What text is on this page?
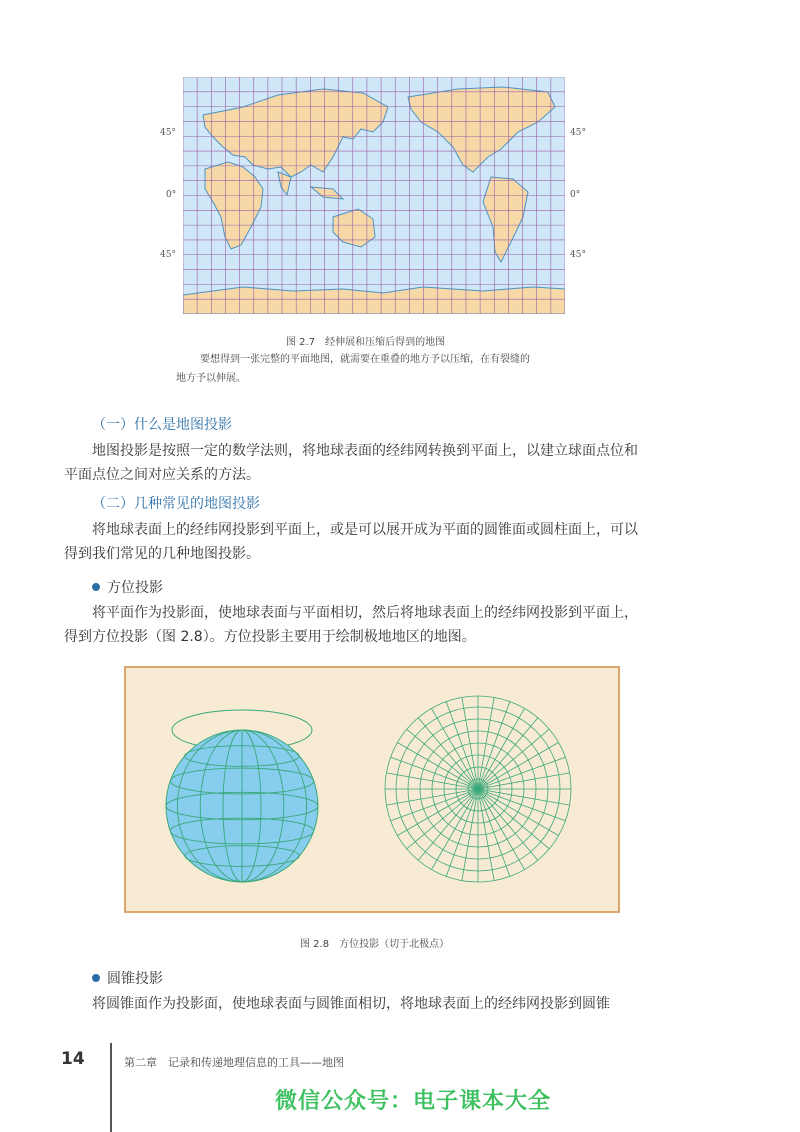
45°
0°
45°
45°
0°
45°
图 2.7　经伸展和压缩后得到的地图
要想得到一张完整的平面地图，就需要在重叠的地方予以压缩，在有裂缝的
地方予以伸展。
（一）什么是地图投影
地图投影是按照一定的数学法则，将地球表面的经纬网转换到平面上，以建立球面点位和
平面点位之间对应关系的方法。
（二）几种常见的地图投影
将地球表面上的经纬网投影到平面上，或是可以展开成为平面的圆锥面或圆柱面上，可以
得到我们常见的几种地图投影。
方位投影
将平面作为投影面，使地球表面与平面相切，然后将地球表面上的经纬网投影到平面上，
得到方位投影（图 2.8）。方位投影主要用于绘制极地地区的地图。
图 2.8　方位投影（切于北极点）
圆锥投影
将圆锥面作为投影面，使地球表面与圆锥面相切，将地球表面上的经纬网投影到圆锥
14	第二章　记录和传递地理信息的工具——地图
微信公众号：电子课本大全
